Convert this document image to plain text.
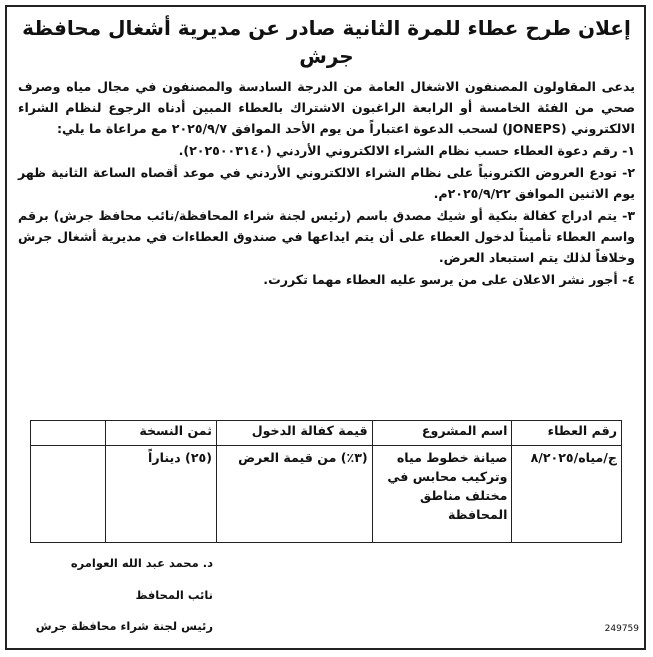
إعلان طرح عطاء للمرة الثانية صادر عن مديرية أشغال محافظة جرش
يدعى المقاولون المصنفون الاشغال العامة من الدرجة السادسة والمصنفون في مجال مياه وصرف صحي من الفئة الخامسة أو الرابعة الراغبون الاشتراك بالعطاء المبين أدناه الرجوع لنظام الشراء الالكتروني (JONEPS) لسحب الدعوة اعتباراً من يوم الأحد الموافق ٢٠٢٥/٩/٧ مع مراعاة ما يلي:
١- رقم دعوة العطاء حسب نظام الشراء الالكتروني الأردني (٢٠٢٥٠٠٣١٤٠).
٢- تودع العروض الكترونياً على نظام الشراء الالكتروني الأردني في موعد أقصاه الساعة الثانية ظهر يوم الاثنين الموافق ٢٠٢٥/٩/٢٢م.
٣- يتم ادراج كفالة بنكية أو شيك مصدق باسم (رئيس لجنة شراء المحافظة/نائب محافظ جرش) برقم واسم العطاء تأميناً لدخول العطاء على أن يتم ايداعها في صندوق العطاءات في مديرية أشغال جرش وخلافاً لذلك يتم استبعاد العرض.
٤- أجور نشر الاعلان على من يرسو عليه العطاء مهما تكررت.
رقم العطاء	اسم المشروع	قيمة كفالة الدخول	ثمن النسخة	
ج/مياه/٨/٢٠٢٥	صيانة خطوط مياه وتركيب محابس في مختلف مناطق المحافظة	(٣٪) من قيمة العرض	(٢٥) ديناراً	
د. محمد عبد الله العوامره
نائب المحافظ
رئيس لجنة شراء محافظة جرش	249759
